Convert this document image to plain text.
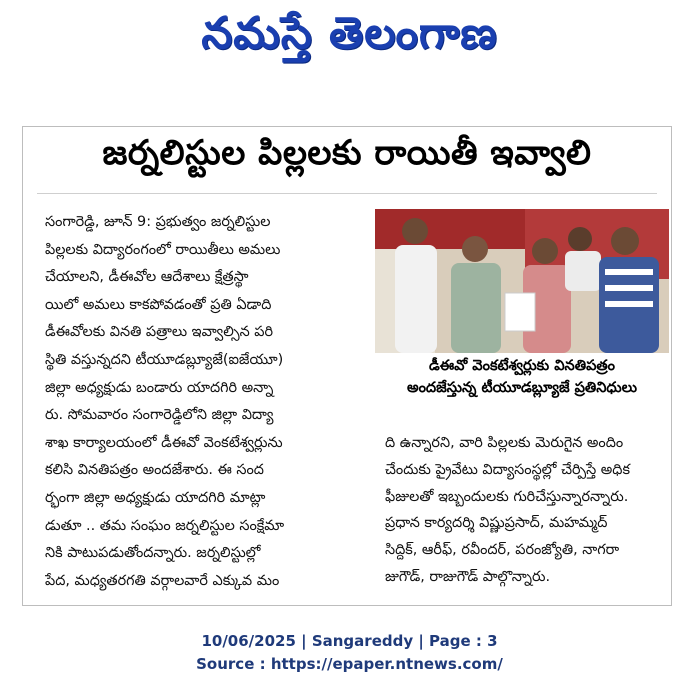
నమస్తే తెలంగాణ
జర్నలిస్టుల పిల్లలకు రాయితీ ఇవ్వాలి
సంగారెడ్డి, జూన్ 9: ప్రభుత్వం జర్నలిస్టుల
పిల్లలకు విద్యారంగంలో రాయితీలు అమలు
చేయాలని, డీఈవోల ఆదేశాలు క్షేత్రస్థా
యిలో అమలు కాకపోవడంతో ప్రతి ఏడాది
డీఈవోలకు వినతి పత్రాలు ఇవ్వాల్సిన పరి
స్థితి వస్తున్నదని టీయూడబ్ల్యూజే(ఐజేయూ)
జిల్లా అధ్యక్షుడు బండారు యాదగిరి అన్నా
రు. సోమవారం సంగారెడ్డిలోని జిల్లా విద్యా
శాఖ కార్యాలయంలో డీఈవో వెంకటేశ్వర్లును
కలిసి వినతిపత్రం అందజేశారు. ఈ సంద
ర్భంగా జిల్లా అధ్యక్షుడు యాదగిరి మాట్లా
డుతూ .. తమ సంఘం జర్నలిస్టుల సంక్షేమా
నికి పాటుపడుతోందన్నారు. జర్నలిస్టుల్లో
పేద, మధ్యతరగతి వర్గాలవారే ఎక్కువ మం
డీఈవో వెంకటేశ్వర్లుకు వినతిపత్రం
అందజేస్తున్న టీయూడబ్ల్యూజే ప్రతినిధులు
ది ఉన్నారని, వారి పిల్లలకు మెరుగైన అందిం
చేందుకు ప్రైవేటు విద్యాసంస్థల్లో చేర్పిస్తే అధిక
ఫీజులతో ఇబ్బందులకు గురిచేస్తున్నారన్నారు.
ప్రధాన కార్యదర్శి విష్ణుప్రసాద్, మహమ్మద్
సిద్దిక్, ఆరీఫ్, రవీందర్, పరంజ్యోతి, నాగరా
జుగౌడ్, రాజుగౌడ్ పాల్గొన్నారు.
10/06/2025 | Sangareddy | Page : 3
Source : https://epaper.ntnews.com/
